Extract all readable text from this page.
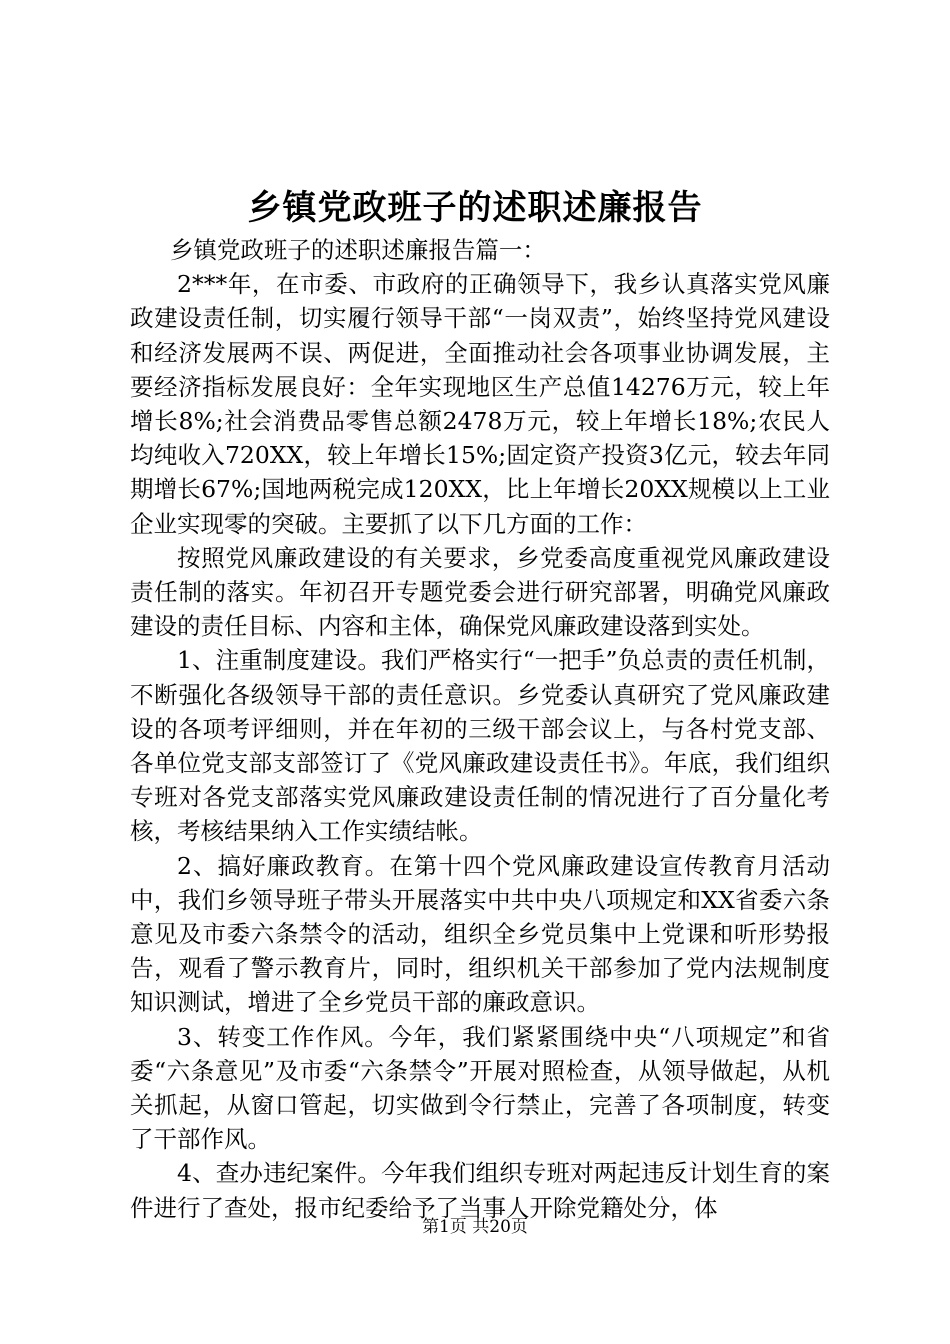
乡镇党政班子的述职述廉报告

乡镇党政班子的述职述廉报告篇一：

2***年，在市委、市政府的正确领导下，我乡认真落实党风廉政建设责任制，切实履行领导干部“一岗双责”，始终坚持党风建设和经济发展两不误、两促进，全面推动社会各项事业协调发展，主要经济指标发展良好：全年实现地区生产总值14276万元，较上年增长8%;社会消费品零售总额2478万元，较上年增长18%;农民人均纯收入720XX，较上年增长15%;固定资产投资3亿元，较去年同期增长67%;国地两税完成120XX，比上年增长20XX规模以上工业企业实现零的突破。主要抓了以下几方面的工作：

按照党风廉政建设的有关要求，乡党委高度重视党风廉政建设责任制的落实。年初召开专题党委会进行研究部署，明确党风廉政建设的责任目标、内容和主体，确保党风廉政建设落到实处。

1、注重制度建设。我们严格实行“一把手”负总责的责任机制，不断强化各级领导干部的责任意识。乡党委认真研究了党风廉政建设的各项考评细则，并在年初的三级干部会议上，与各村党支部、各单位党支部支部签订了《党风廉政建设责任书》。年底，我们组织专班对各党支部落实党风廉政建设责任制的情况进行了百分量化考核，考核结果纳入工作实绩结帐。

2、搞好廉政教育。在第十四个党风廉政建设宣传教育月活动中，我们乡领导班子带头开展落实中共中央八项规定和XX省委六条意见及市委六条禁令的活动，组织全乡党员集中上党课和听形势报告，观看了警示教育片，同时，组织机关干部参加了党内法规制度知识测试，增进了全乡党员干部的廉政意识。

3、转变工作作风。今年，我们紧紧围绕中央“八项规定”和省委“六条意见”及市委“六条禁令”开展对照检查，从领导做起，从机关抓起，从窗口管起，切实做到令行禁止，完善了各项制度，转变了干部作风。

4、查办违纪案件。今年我们组织专班对两起违反计划生育的案件进行了查处，报市纪委给予了当事人开除党籍处分，体

第1页 共20页
